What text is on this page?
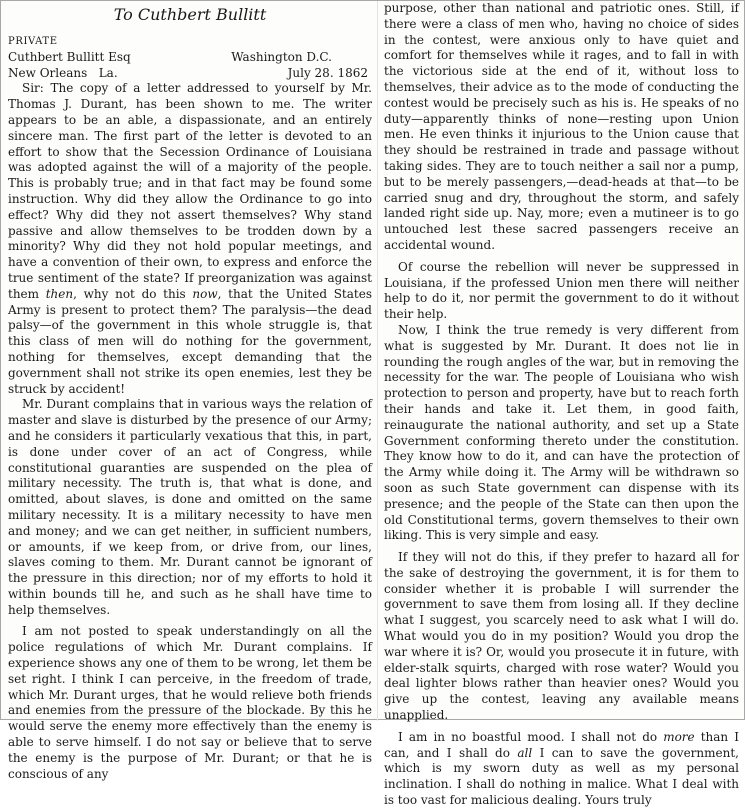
To Cuthbert Bullitt
PRIVATE
Cuthbert Bullitt Esq	Washington D.C.
New Orleans La.	July 28. 1862

Sir: The copy of a letter addressed to yourself by Mr. Thomas J. Durant, has been shown to me. The writer appears to be an able, a dispassionate, and an entirely sincere man. The first part of the letter is devoted to an effort to show that the Secession Ordinance of Louisiana was adopted against the will of a majority of the people. This is probably true; and in that fact may be found some instruction. Why did they allow the Ordinance to go into effect? Why did they not assert themselves? Why stand passive and allow themselves to be trodden down by a minority? Why did they not hold popular meetings, and have a convention of their own, to express and enforce the true sentiment of the state? If preorganization was against them then, why not do this now, that the United States Army is present to protect them? The paralysis—the dead palsy—of the government in this whole struggle is, that this class of men will do nothing for the government, nothing for themselves, except demanding that the government shall not strike its open enemies, lest they be struck by accident!

Mr. Durant complains that in various ways the relation of master and slave is disturbed by the presence of our Army; and he considers it particularly vexatious that this, in part, is done under cover of an act of Congress, while constitutional guaranties are suspended on the plea of military necessity. The truth is, that what is done, and omitted, about slaves, is done and omitted on the same military necessity. It is a military necessity to have men and money; and we can get neither, in sufficient numbers, or amounts, if we keep from, or drive from, our lines, slaves coming to them. Mr. Durant cannot be ignorant of the pressure in this direction; nor of my efforts to hold it within bounds till he, and such as he shall have time to help themselves.

I am not posted to speak understandingly on all the police regulations of which Mr. Durant complains. If experience shows any one of them to be wrong, let them be set right. I think I can perceive, in the freedom of trade, which Mr. Durant urges, that he would relieve both friends and enemies from the pressure of the blockade. By this he would serve the enemy more effectively than the enemy is able to serve himself. I do not say or believe that to serve the enemy is the purpose of Mr. Durant; or that he is conscious of any

purpose, other than national and patriotic ones. Still, if there were a class of men who, having no choice of sides in the contest, were anxious only to have quiet and comfort for themselves while it rages, and to fall in with the victorious side at the end of it, without loss to themselves, their advice as to the mode of conducting the contest would be precisely such as his is. He speaks of no duty—apparently thinks of none—resting upon Union men. He even thinks it injurious to the Union cause that they should be restrained in trade and passage without taking sides. They are to touch neither a sail nor a pump, but to be merely passengers,—dead-heads at that—to be carried snug and dry, throughout the storm, and safely landed right side up. Nay, more; even a mutineer is to go untouched lest these sacred passengers receive an accidental wound.

Of course the rebellion will never be suppressed in Louisiana, if the professed Union men there will neither help to do it, nor permit the government to do it without their help.

Now, I think the true remedy is very different from what is suggested by Mr. Durant. It does not lie in rounding the rough angles of the war, but in removing the necessity for the war. The people of Louisiana who wish protection to person and property, have but to reach forth their hands and take it. Let them, in good faith, reinaugurate the national authority, and set up a State Government conforming thereto under the constitution. They know how to do it, and can have the protection of the Army while doing it. The Army will be withdrawn so soon as such State government can dispense with its presence; and the people of the State can then upon the old Constitutional terms, govern themselves to their own liking. This is very simple and easy.

If they will not do this, if they prefer to hazard all for the sake of destroying the government, it is for them to consider whether it is probable I will surrender the government to save them from losing all. If they decline what I suggest, you scarcely need to ask what I will do. What would you do in my position? Would you drop the war where it is? Or, would you prosecute it in future, with elder-stalk squirts, charged with rose water? Would you deal lighter blows rather than heavier ones? Would you give up the contest, leaving any available means unapplied.

I am in no boastful mood. I shall not do more than I can, and I shall do all I can to save the government, which is my sworn duty as well as my personal inclination. I shall do nothing in malice. What I deal with is too vast for malicious dealing. Yours truly
